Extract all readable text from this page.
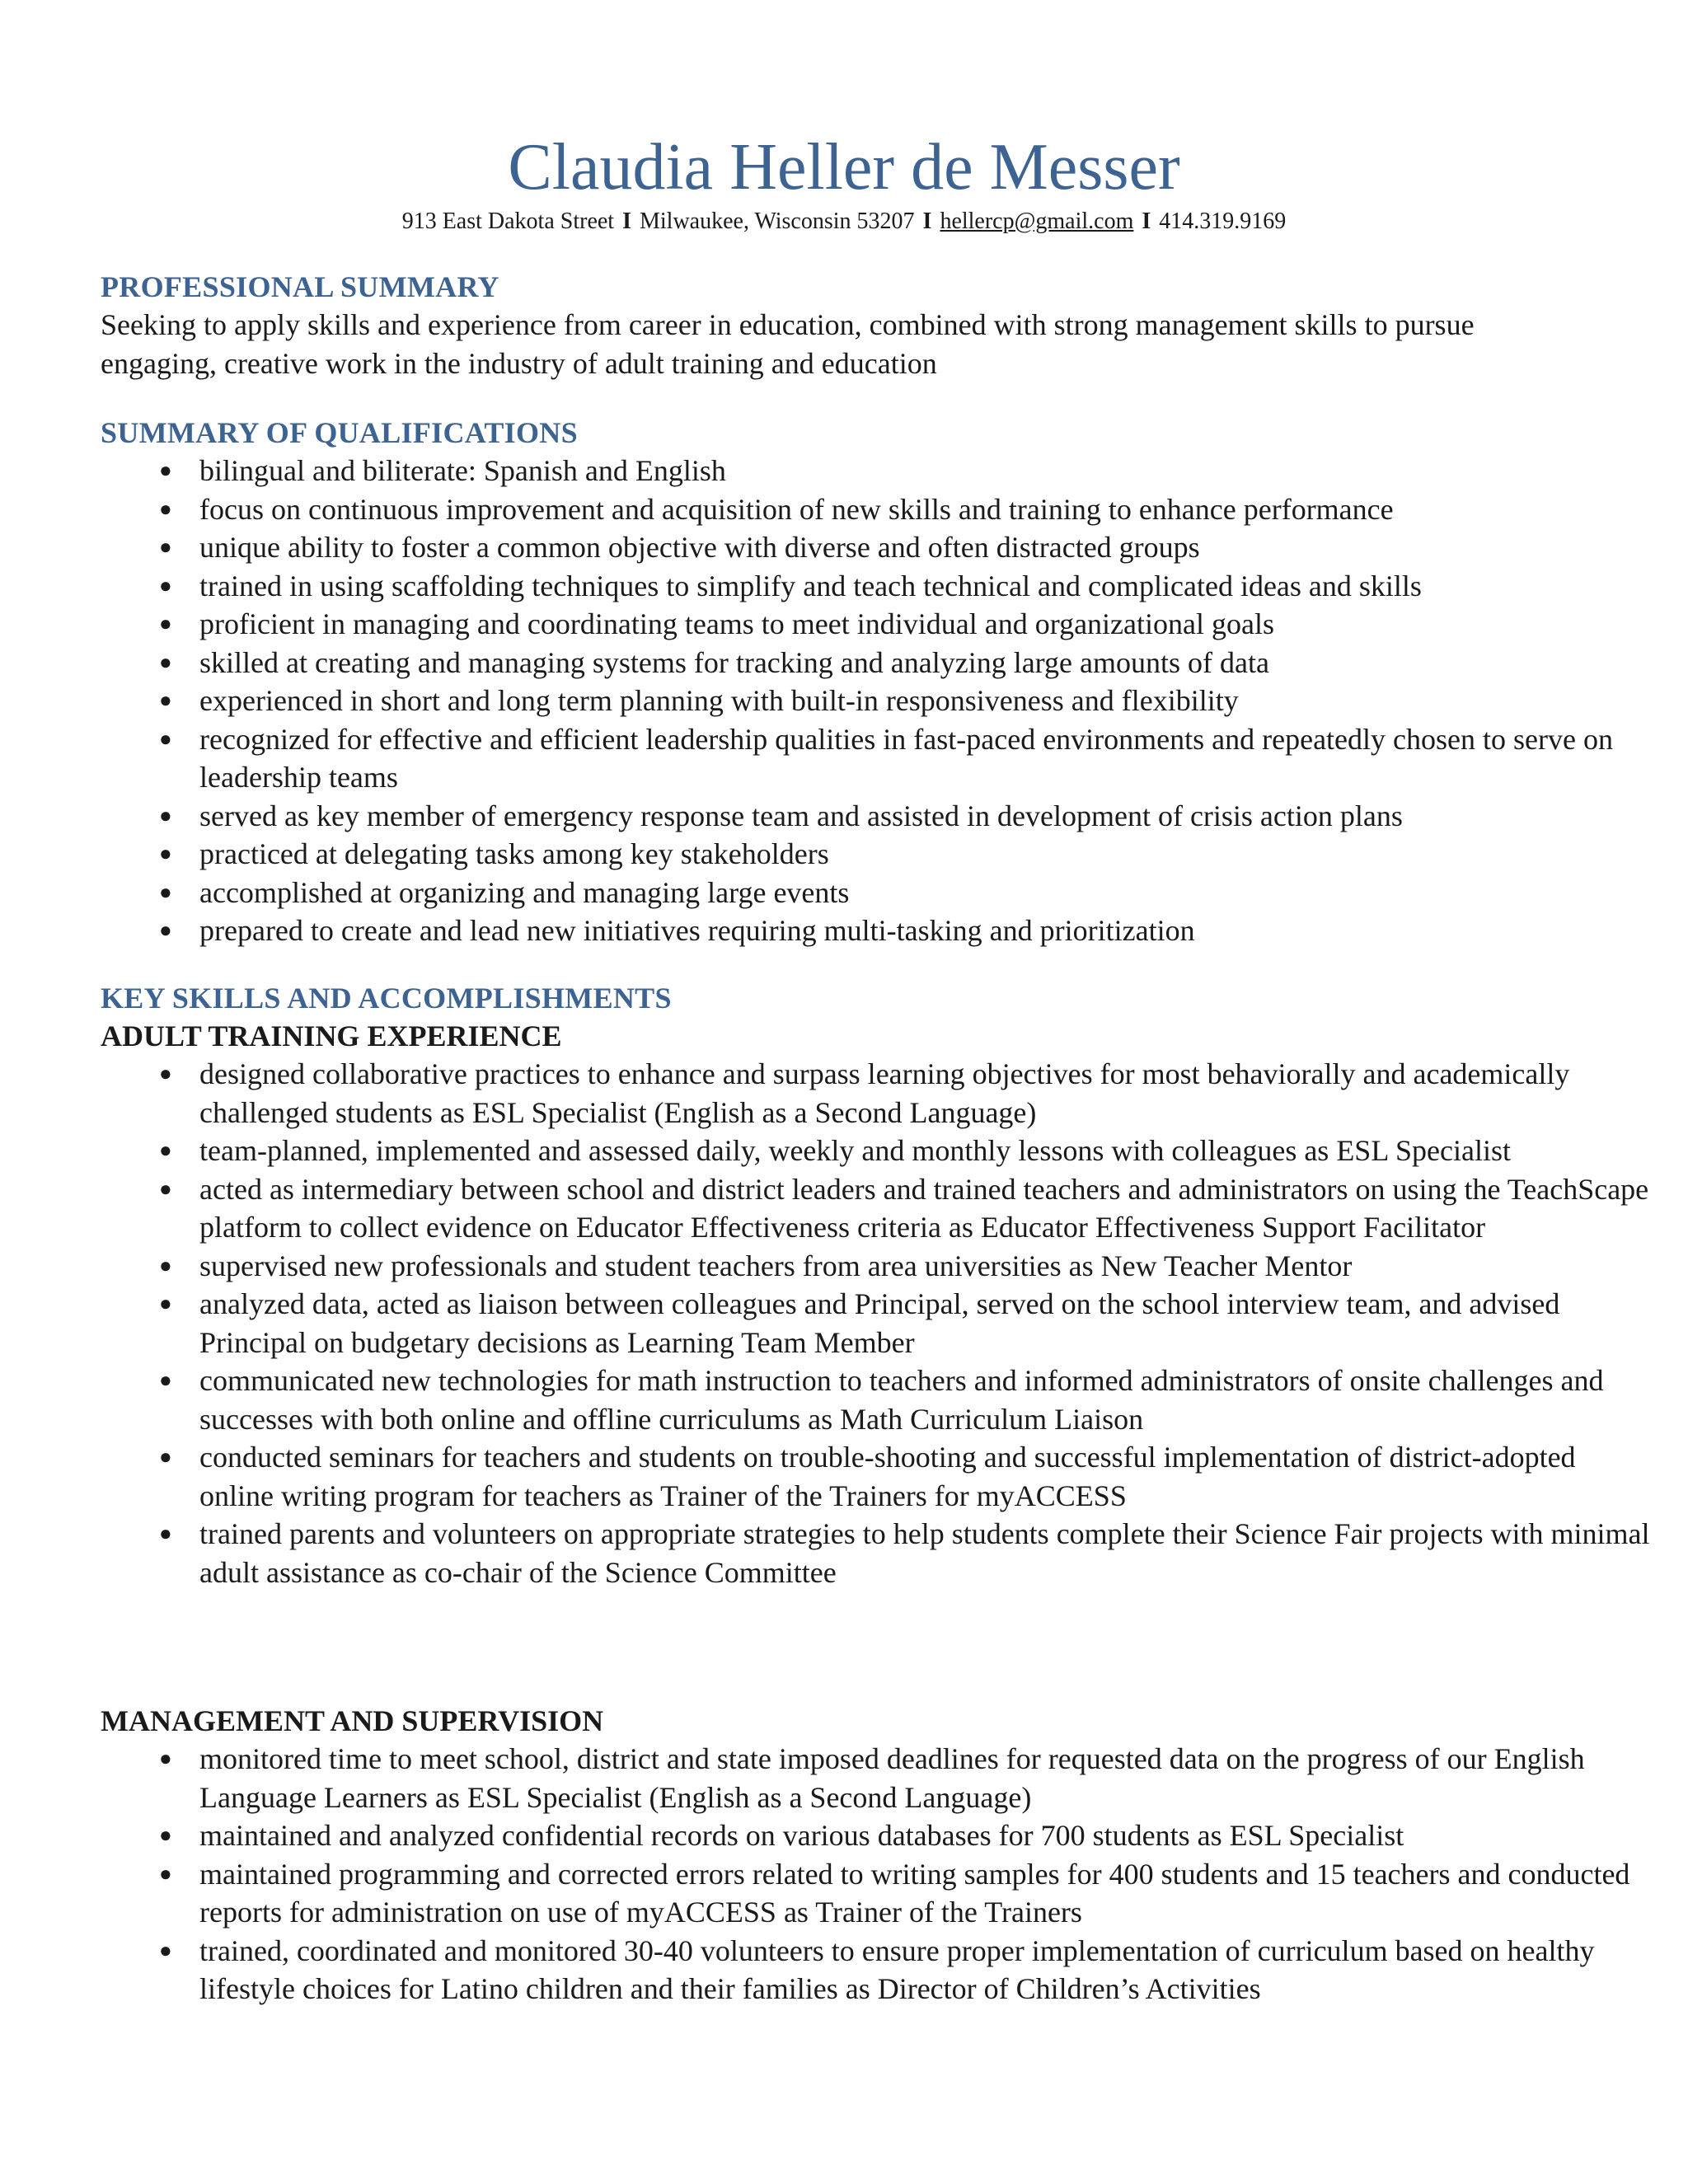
Claudia Heller de Messer
913 East Dakota Street I Milwaukee, Wisconsin 53207 I hellercp@gmail.com I 414.319.9169
PROFESSIONAL SUMMARY

Seeking to apply skills and experience from career in education, combined with strong management skills to pursue engaging, creative work in the industry of adult training and education

SUMMARY OF QUALIFICATIONS
● bilingual and biliterate: Spanish and English
● focus on continuous improvement and acquisition of new skills and training to enhance performance
● unique ability to foster a common objective with diverse and often distracted groups
● trained in using scaffolding techniques to simplify and teach technical and complicated ideas and skills
● proficient in managing and coordinating teams to meet individual and organizational goals
● skilled at creating and managing systems for tracking and analyzing large amounts of data
● experienced in short and long term planning with built-in responsiveness and flexibility
● recognized for effective and efficient leadership qualities in fast-paced environments and repeatedly chosen to serve on leadership teams
● served as key member of emergency response team and assisted in development of crisis action plans
● practiced at delegating tasks among key stakeholders
● accomplished at organizing and managing large events
● prepared to create and lead new initiatives requiring multi-tasking and prioritization
KEY SKILLS AND ACCOMPLISHMENTS
ADULT TRAINING EXPERIENCE
● designed collaborative practices to enhance and surpass learning objectives for most behaviorally and academically challenged students as ESL Specialist (English as a Second Language)
● team-planned, implemented and assessed daily, weekly and monthly lessons with colleagues as ESL Specialist
● acted as intermediary between school and district leaders and trained teachers and administrators on using the TeachScape platform to collect evidence on Educator Effectiveness criteria as Educator Effectiveness Support Facilitator
● supervised new professionals and student teachers from area universities as New Teacher Mentor
● analyzed data, acted as liaison between colleagues and Principal, served on the school interview team, and advised Principal on budgetary decisions as Learning Team Member
● communicated new technologies for math instruction to teachers and informed administrators of onsite challenges and successes with both online and offline curriculums as Math Curriculum Liaison
● conducted seminars for teachers and students on trouble-shooting and successful implementation of district-adopted online writing program for teachers as Trainer of the Trainers for myACCESS
● trained parents and volunteers on appropriate strategies to help students complete their Science Fair projects with minimal adult assistance as co-chair of the Science Committee
MANAGEMENT AND SUPERVISION
● monitored time to meet school, district and state imposed deadlines for requested data on the progress of our English Language Learners as ESL Specialist (English as a Second Language)
● maintained and analyzed confidential records on various databases for 700 students as ESL Specialist
● maintained programming and corrected errors related to writing samples for 400 students and 15 teachers and conducted reports for administration on use of myACCESS as Trainer of the Trainers
● trained, coordinated and monitored 30-40 volunteers to ensure proper implementation of curriculum based on healthy lifestyle choices for Latino children and their families as Director of Children’s Activities
